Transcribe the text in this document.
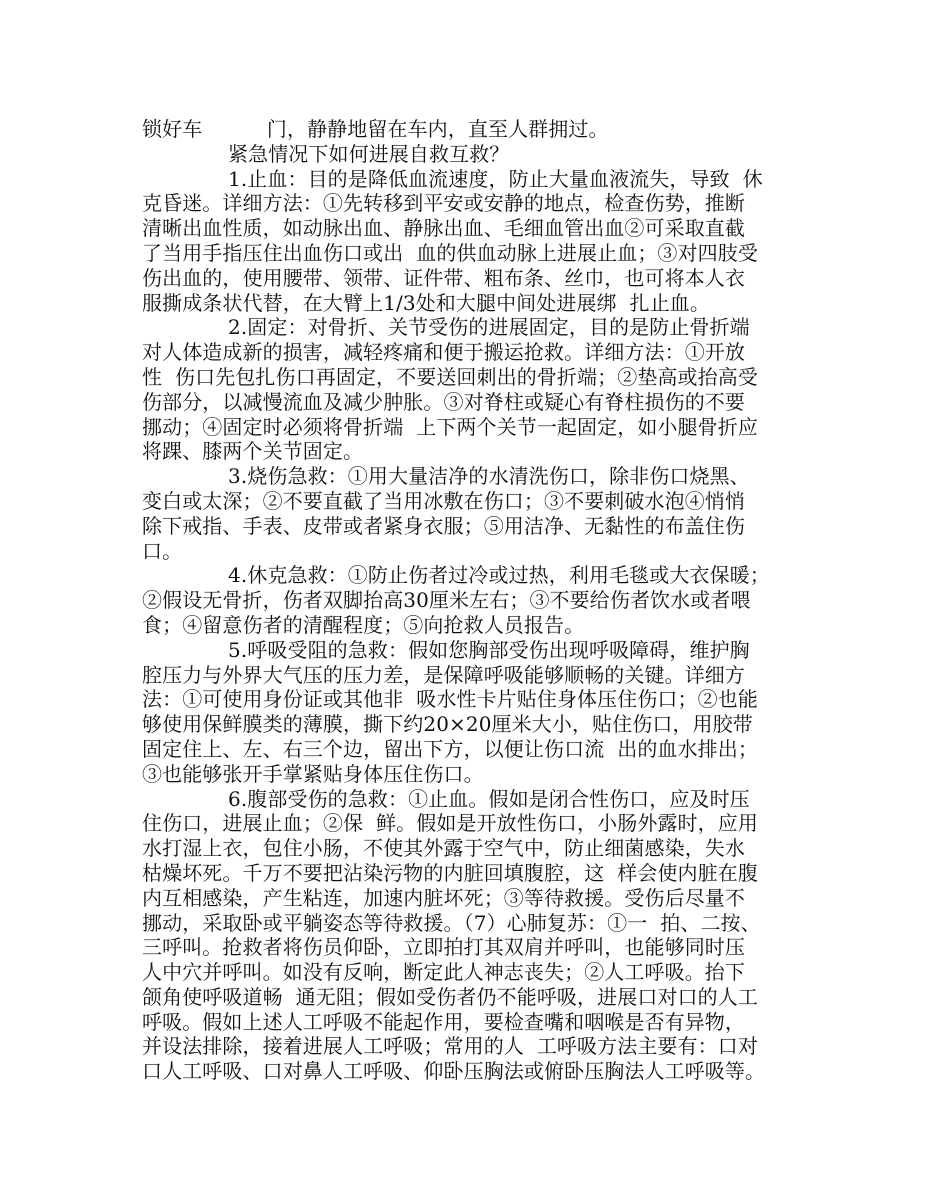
锁好车          门，静静地留在车内，直至人群拥过。
紧急情况下如何进展自救互救？
1.止血：目的是降低血流速度，防止大量血液流失，导致  休
克昏迷。详细方法：①先转移到平安或安静的地点，检查伤势，推断
清晰出血性质，如动脉出血、静脉出血、毛细血管出血②可采取直截
了当用手指压住出血伤口或出  血的供血动脉上进展止血；③对四肢受
伤出血的，使用腰带、领带、证件带、粗布条、丝巾，也可将本人衣
服撕成条状代替，在大臂上1/3处和大腿中间处进展绑  扎止血。
2.固定：对骨折、关节受伤的进展固定，目的是防止骨折端
对人体造成新的损害，减轻疼痛和便于搬运抢救。详细方法：①开放
性  伤口先包扎伤口再固定，不要送回刺出的骨折端；②垫高或抬高受
伤部分，以减慢流血及减少肿胀。③对脊柱或疑心有脊柱损伤的不要
挪动；④固定时必须将骨折端  上下两个关节一起固定，如小腿骨折应
将踝、膝两个关节固定。
3.烧伤急救：①用大量洁净的水清洗伤口，除非伤口烧黑、
变白或太深；②不要直截了当用冰敷在伤口；③不要刺破水泡④悄悄
除下戒指、手表、皮带或者紧身衣服；⑤用洁净、无黏性的布盖住伤
口。
4.休克急救：①防止伤者过冷或过热，利用毛毯或大衣保暖；
②假设无骨折，伤者双脚抬高30厘米左右；③不要给伤者饮水或者喂
食；④留意伤者的清醒程度；⑤向抢救人员报告。
5.呼吸受阻的急救：假如您胸部受伤出现呼吸障碍，维护胸
腔压力与外界大气压的压力差，是保障呼吸能够顺畅的关键。详细方
法：①可使用身份证或其他非  吸水性卡片贴住身体压住伤口；②也能
够使用保鲜膜类的薄膜，撕下约20×20厘米大小，贴住伤口，用胶带
固定住上、左、右三个边，留出下方，以便让伤口流  出的血水排出；
③也能够张开手掌紧贴身体压住伤口。
6.腹部受伤的急救：①止血。假如是闭合性伤口，应及时压
住伤口，进展止血；②保  鲜。假如是开放性伤口，小肠外露时，应用
水打湿上衣，包住小肠，不使其外露于空气中，防止细菌感染，失水
枯燥坏死。千万不要把沾染污物的内脏回填腹腔，这  样会使内脏在腹
内互相感染，产生粘连，加速内脏坏死；③等待救援。受伤后尽量不
挪动，采取卧或平躺姿态等待救援。（7）心肺复苏：①一  拍、二按、
三呼叫。抢救者将伤员仰卧，立即拍打其双肩并呼叫，也能够同时压
人中穴并呼叫。如没有反响，断定此人神志丧失；②人工呼吸。抬下
颌角使呼吸道畅  通无阻；假如受伤者仍不能呼吸，进展口对口的人工
呼吸。假如上述人工呼吸不能起作用，要检查嘴和咽喉是否有异物，
并设法排除，接着进展人工呼吸；常用的人  工呼吸方法主要有：口对
口人工呼吸、口对鼻人工呼吸、仰卧压胸法或俯卧压胸法人工呼吸等。
